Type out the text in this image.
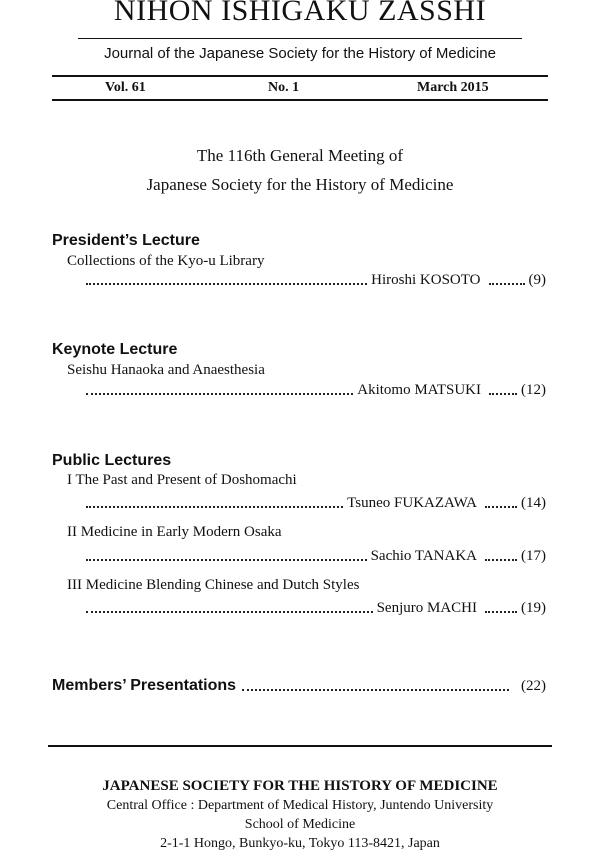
NIHON ISHIGAKU ZASSHI
Journal of the Japanese Society for the History of Medicine
Vol. 61	No. 1	March 2015
The 116th General Meeting of
Japanese Society for the History of Medicine
President’s Lecture
Collections of the Kyo-u Library
Hiroshi KOSOTO	(9)
Keynote Lecture
Seishu Hanaoka and Anaesthesia
Akitomo MATSUKI	(12)
Public Lectures
I The Past and Present of Doshomachi
Tsuneo FUKAZAWA	(14)
II Medicine in Early Modern Osaka
Sachio TANAKA	(17)
III Medicine Blending Chinese and Dutch Styles
Senjuro MACHI	(19)
Members’ Presentations	(22)
JAPANESE SOCIETY FOR THE HISTORY OF MEDICINE
Central Office : Department of Medical History, Juntendo University
School of Medicine
2-1-1 Hongo, Bunkyo-ku, Tokyo 113-8421, Japan
